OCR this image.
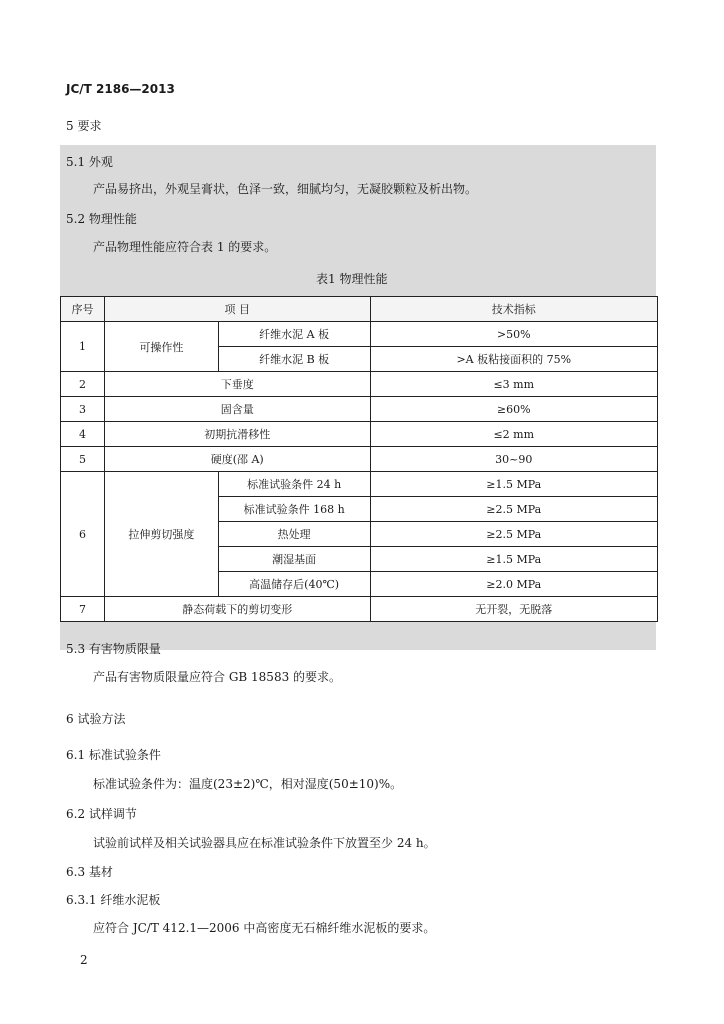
JC/T 2186—2013
5 要求
5.1 外观
产品易挤出，外观呈膏状，色泽一致，细腻均匀，无凝胶颗粒及析出物。
5.2 物理性能
产品物理性能应符合表 1 的要求。
表1 物理性能
序号	项 目		技术指标
1	可操作性	纤维水泥 A 板	>50%
		纤维水泥 B 板	>A 板粘接面积的 75%
2	下垂度		≤3 mm
3	固含量		≥60%
4	初期抗滑移性		≤2 mm
5	硬度(邵 A)		30~90
6	拉伸剪切强度	标准试验条件 24 h	≥1.5 MPa
		标准试验条件 168 h	≥2.5 MPa
		热处理	≥2.5 MPa
		潮湿基面	≥1.5 MPa
		高温储存后(40℃)	≥2.0 MPa
7	静态荷载下的剪切变形		无开裂，无脱落
5.3 有害物质限量
产品有害物质限量应符合 GB 18583 的要求。
6 试验方法
6.1 标准试验条件
标准试验条件为：温度(23±2)℃，相对湿度(50±10)%。
6.2 试样调节
试验前试样及相关试验器具应在标准试验条件下放置至少 24 h。
6.3 基材
6.3.1 纤维水泥板
应符合 JC/T 412.1—2006 中高密度无石棉纤维水泥板的要求。
2
